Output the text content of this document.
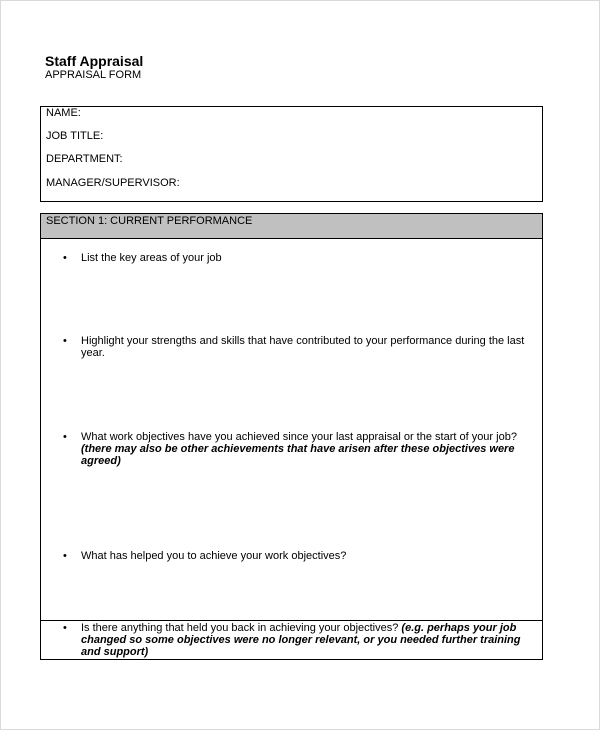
Staff Appraisal
APPRAISAL FORM
NAME:
JOB TITLE:
DEPARTMENT:
MANAGER/SUPERVISOR:
SECTION 1: CURRENT PERFORMANCE
• List the key areas of your job
• Highlight your strengths and skills that have contributed to your performance during the last year.
• What work objectives have you achieved since your last appraisal or the start of your job? (there may also be other achievements that have arisen after these objectives were agreed)
• What has helped you to achieve your work objectives?
• Is there anything that held you back in achieving your objectives? (e.g. perhaps your job changed so some objectives were no longer relevant, or you needed further training and support)
